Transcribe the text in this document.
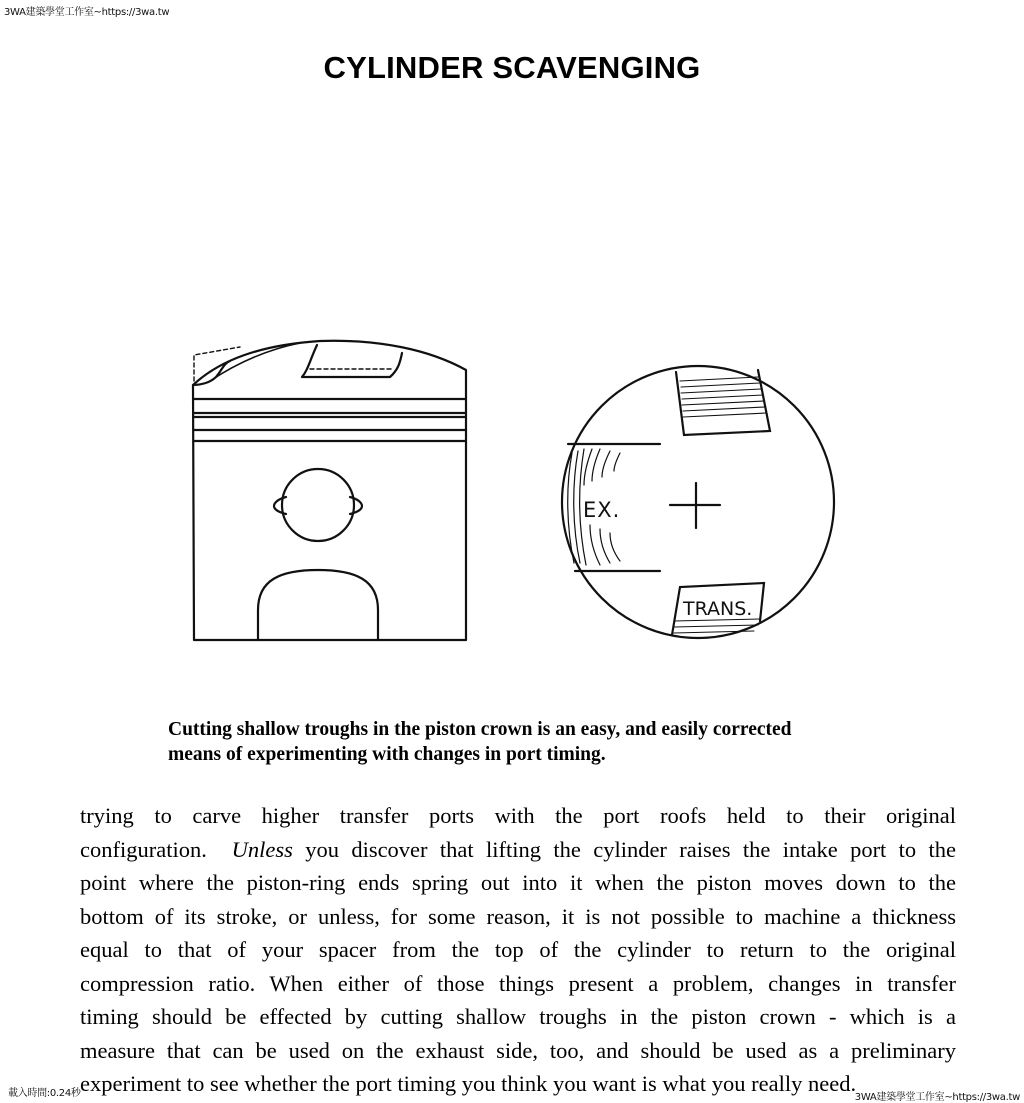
3WA建築學堂工作室~https://3wa.tw
CYLINDER SCAVENGING
EX.
TRANS.
Cutting shallow troughs in the piston crown is an easy, and easily corrected
means of experimenting with changes in port timing.
trying to carve higher transfer ports with the port roofs held to their original
configuration. Unless you discover that lifting the cylinder raises the intake port to the
point where the piston-ring ends spring out into it when the piston moves down to the
bottom of its stroke, or unless, for some reason, it is not possible to machine a thickness
equal to that of your spacer from the top of the cylinder to return to the original
compression ratio. When either of those things present a problem, changes in transfer
timing should be effected by cutting shallow troughs in the piston crown - which is a
measure that can be used on the exhaust side, too, and should be used as a preliminary
experiment to see whether the port timing you think you want is what you really need.
載入時間:0.24秒	3WA建築學堂工作室~https://3wa.tw
